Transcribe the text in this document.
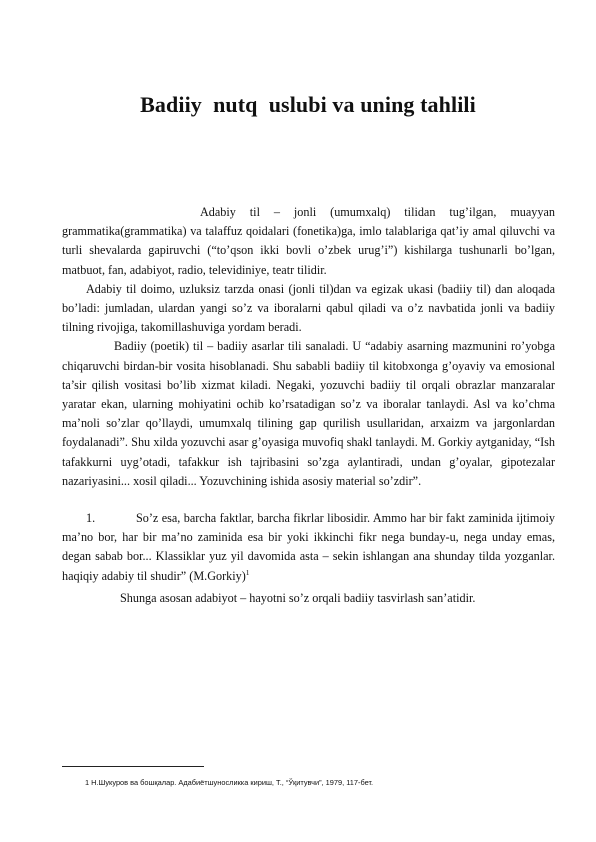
Badiiy  nutq  uslubi va uning tahlili

Adabiy til – jonli (umumxalq) tilidan tug’ilgan, muayyan grammatika(grammatika) va talaffuz qoidalari (fonetika)ga, imlo talablariga qat’iy amal qiluvchi va turli shevalarda gapiruvchi (“to’qson ikki bovli o’zbek urug’i”) kishilarga tushunarli bo’lgan, matbuot, fan, adabiyot, radio, televidiniye, teatr tilidir.

Adabiy til doimo, uzluksiz tarzda onasi (jonli til)dan va egizak ukasi (badiiy til) dan aloqada bo’ladi: jumladan, ulardan yangi so’z va iboralarni qabul qiladi va o’z navbatida jonli va badiiy tilning rivojiga, takomillashuviga yordam beradi.

Badiiy (poetik) til – badiiy asarlar tili sanaladi. U “adabiy asarning mazmunini ro’yobga chiqaruvchi birdan-bir vosita hisoblanadi. Shu sababli badiiy til kitobxonga g’oyaviy va emosional ta’sir qilish vositasi bo’lib xizmat kiladi. Negaki, yozuvchi badiiy til orqali obrazlar manzaralar yaratar ekan, ularning mohiyatini ochib ko’rsatadigan so’z va iboralar tanlaydi. Asl va ko’chma ma’noli so’zlar qo’llaydi, umumxalq tilining gap qurilish usullaridan, arxaizm va jargonlardan foydalanadi”. Shu xilda yozuvchi asar g’oyasiga muvofiq shakl tanlaydi. M. Gorkiy aytganiday, “Ish tafakkurni uyg’otadi, tafakkur ish tajribasini so’zga aylantiradi, undan g’oyalar, gipotezalar nazariyasini... xosil qiladi... Yozuvchining ishida asosiy material so’zdir”.

1.	So’z esa, barcha faktlar, barcha fikrlar libosidir. Ammo har bir fakt zaminida ijtimoiy ma’no bor, har bir ma’no zaminida esa bir yoki ikkinchi fikr nega bunday-u, nega unday emas, degan sabab bor... Klassiklar yuz yil davomida asta – sekin ishlangan ana shunday tilda yozganlar. haqiqiy adabiy til shudir” (M.Gorkiy)$^1$

Shunga asosan adabiyot – hayotni so’z orqali badiiy tasvirlash san’atidir.

1 Н.Шукуров ва бошқалар. Адабиётшуносликка кириш, Т., “Ўқитувчи”, 1979, 117-бет.
